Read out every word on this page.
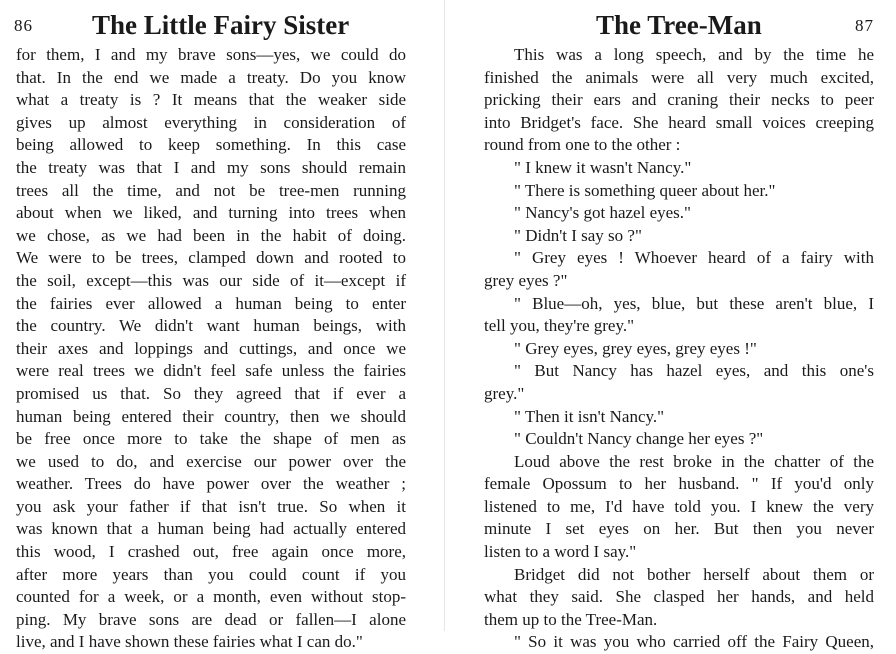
86 The Little Fairy Sister
for them, I and my brave sons—yes, we could do
that. In the end we made a treaty. Do you know
what a treaty is ? It means that the weaker side
gives up almost everything in consideration of
being allowed to keep something. In this case
the treaty was that I and my sons should remain
trees all the time, and not be tree-men running
about when we liked, and turning into trees when
we chose, as we had been in the habit of doing.
We were to be trees, clamped down and rooted to
the soil, except—this was our side of it—except if
the fairies ever allowed a human being to enter
the country. We didn't want human beings, with
their axes and loppings and cuttings, and once we
were real trees we didn't feel safe unless the fairies
promised us that. So they agreed that if ever a
human being entered their country, then we should
be free once more to take the shape of men as
we used to do, and exercise our power over the
weather. Trees do have power over the weather ;
you ask your father if that isn't true. So when it
was known that a human being had actually entered
this wood, I crashed out, free again once more,
after more years than you could count if you
counted for a week, or a month, even without stop-
ping. My brave sons are dead or fallen—I alone
live, and I have shown these fairies what I can do."
The Tree-Man	87
This was a long speech, and by the time he
finished the animals were all very much excited,
pricking their ears and craning their necks to peer
into Bridget's face. She heard small voices creeping
round from one to the other :
" I knew it wasn't Nancy."
" There is something queer about her."
" Nancy's got hazel eyes."
" Didn't I say so ?"
" Grey eyes ! Whoever heard of a fairy with
grey eyes ?"
" Blue—oh, yes, blue, but these aren't blue, I
tell you, they're grey."
" Grey eyes, grey eyes, grey eyes !"
" But Nancy has hazel eyes, and this one's
grey."
" Then it isn't Nancy."
" Couldn't Nancy change her eyes ?"
Loud above the rest broke in the chatter of the
female Opossum to her husband. " If you'd only
listened to me, I'd have told you. I knew the very
minute I set eyes on her. But then you never
listen to a word I say."
Bridget did not bother herself about them or
what they said. She clasped her hands, and held
them up to the Tree-Man.
" So it was you who carried off the Fairy Queen,
